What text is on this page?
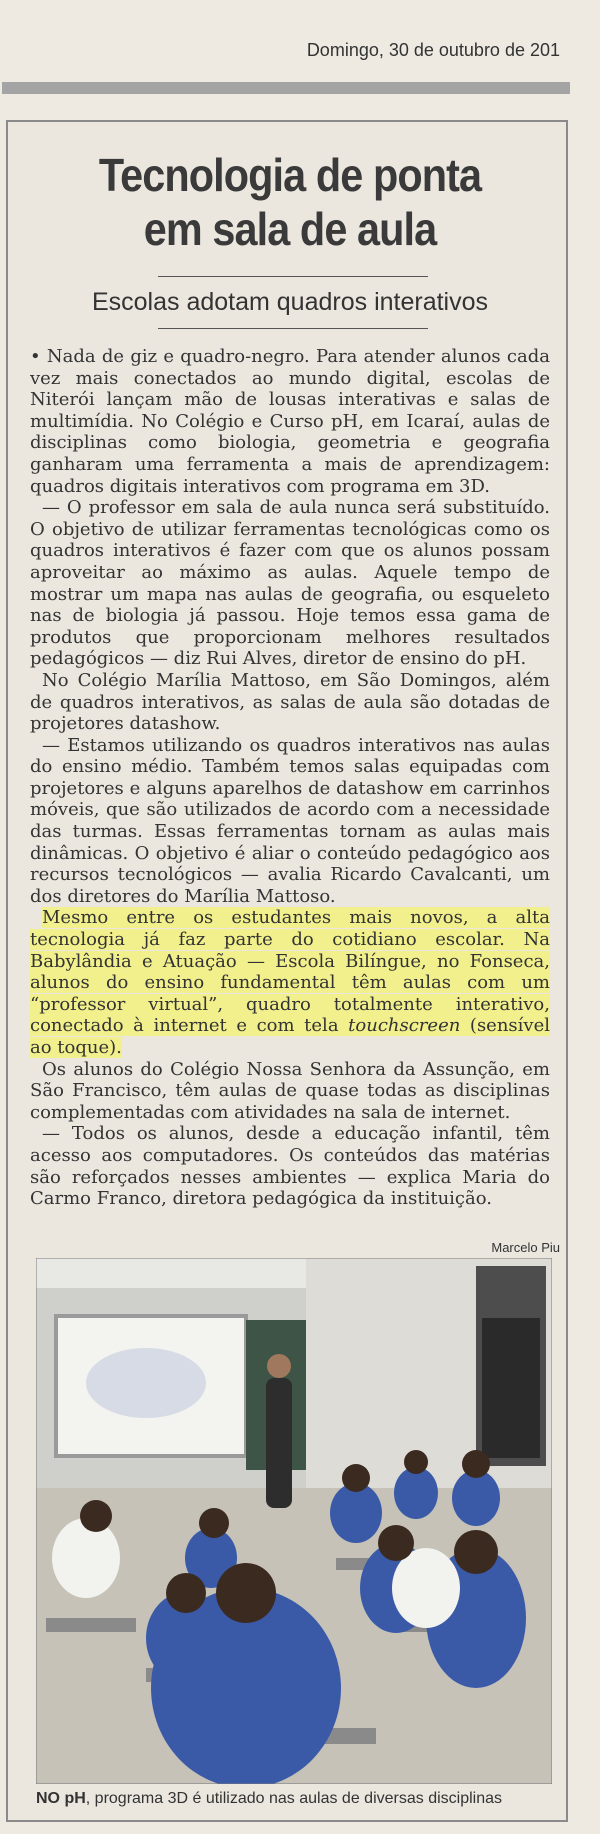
Domingo, 30 de outubro de 201
Tecnologia de ponta
em sala de aula
Escolas adotam quadros interativos

• Nada de giz e quadro-negro. Para atender alunos cada vez mais conectados ao mundo digital, escolas de Niterói lançam mão de lousas interativas e salas de multimídia. No Colégio e Curso pH, em Icaraí, aulas de disciplinas como biologia, geometria e geografia ganharam uma ferramenta a mais de aprendizagem: quadros digitais interativos com programa em 3D.

— O professor em sala de aula nunca será substituído. O objetivo de utilizar ferramentas tecnológicas como os quadros interativos é fazer com que os alunos possam aproveitar ao máximo as aulas. Aquele tempo de mostrar um mapa nas aulas de geografia, ou esqueleto nas de biologia já passou. Hoje temos essa gama de produtos que proporcionam melhores resultados pedagógicos — diz Rui Alves, diretor de ensino do pH.

No Colégio Marília Mattoso, em São Domingos, além de quadros interativos, as salas de aula são dotadas de projetores datashow.

— Estamos utilizando os quadros interativos nas aulas do ensino médio. Também temos salas equipadas com projetores e alguns aparelhos de datashow em carrinhos móveis, que são utilizados de acordo com a necessidade das turmas. Essas ferramentas tornam as aulas mais dinâmicas. O objetivo é aliar o conteúdo pedagógico aos recursos tecnológicos — avalia Ricardo Cavalcanti, um dos diretores do Marília Mattoso.

Mesmo entre os estudantes mais novos, a alta tecnologia já faz parte do cotidiano escolar. Na Babylândia e Atuação — Escola Bilíngue, no Fonseca, alunos do ensino fundamental têm aulas com um “professor virtual”, quadro totalmente interativo, conectado à internet e com tela touchscreen (sensível ao toque).

Os alunos do Colégio Nossa Senhora da Assunção, em São Francisco, têm aulas de quase todas as disciplinas complementadas com atividades na sala de internet.

— Todos os alunos, desde a educação infantil, têm acesso aos computadores. Os conteúdos das matérias são reforçados nesses ambientes — explica Maria do Carmo Franco, diretora pedagógica da instituição.

Marcelo Piu
NO pH, programa 3D é utilizado nas aulas de diversas disciplinas
